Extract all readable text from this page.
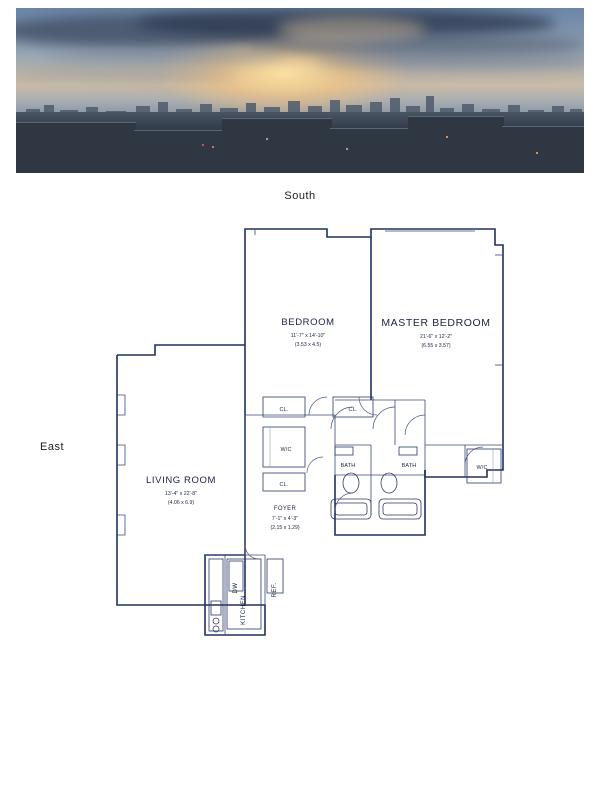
South
East
LIVING ROOM
13'-4" x 22'-8"
(4.06 x 6.9)
BEDROOM
11'-7" x 14'-10"
(3.53 x 4.5)
MASTER BEDROOM
21'-6" x 12'-2"
(6.55 x 3.57)
FOYER
7'-1" x 4'-3"
(2.15 x 1.29)
CL.	CL.
CL.
W/C
W/C
BATH	BATH
KITCHEN
DW	REF.
